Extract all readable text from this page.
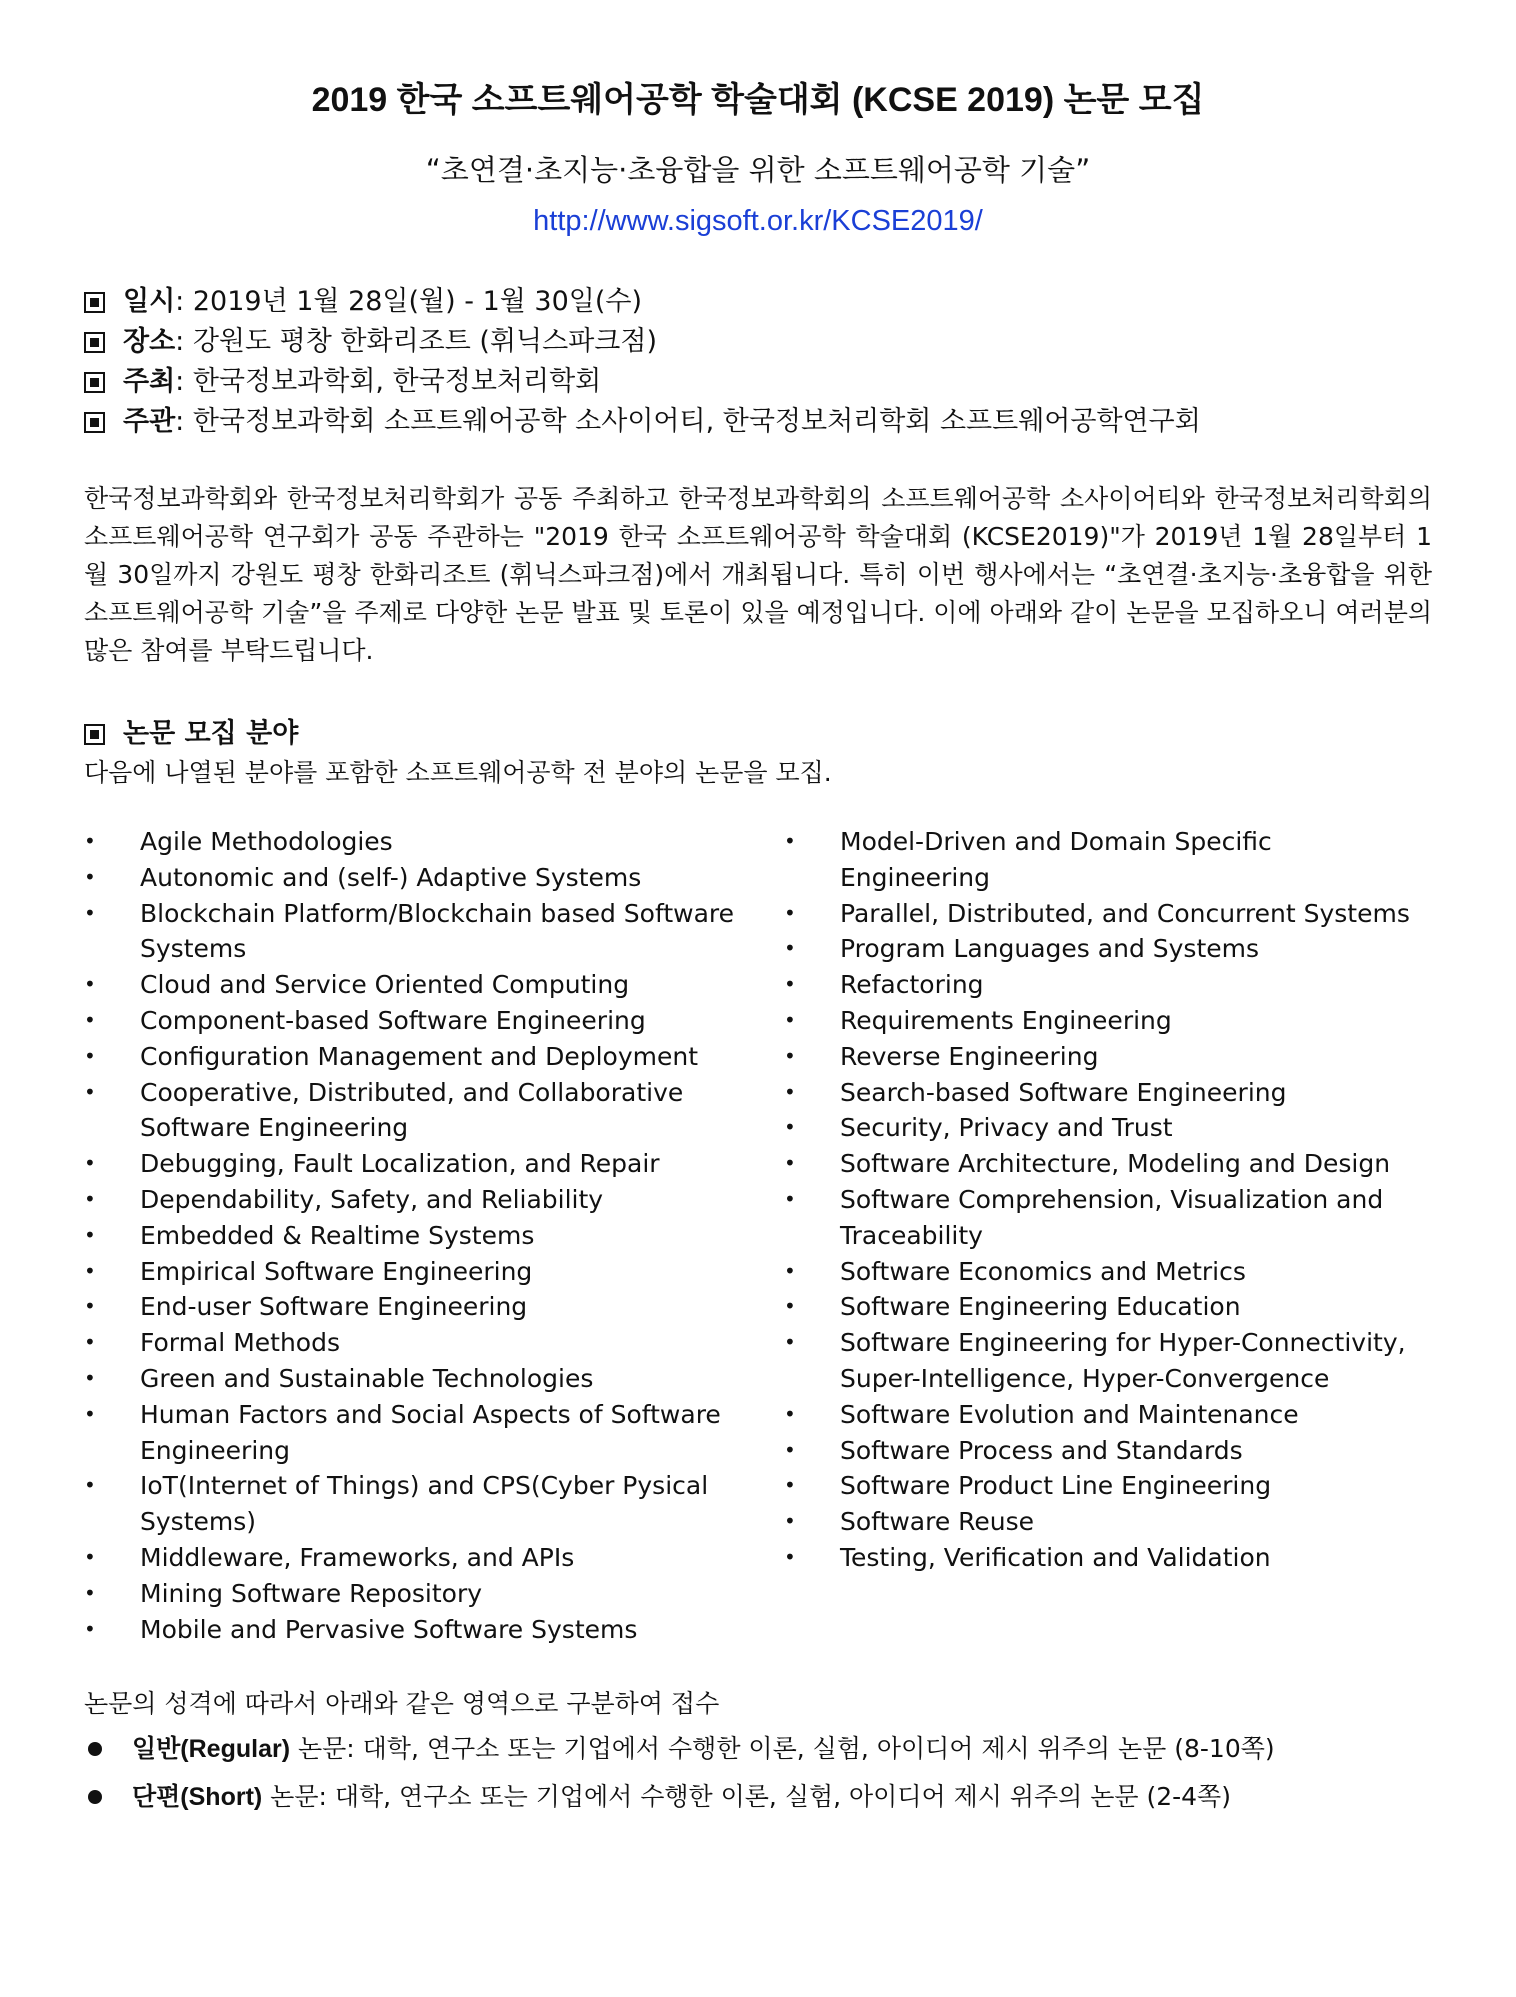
2019 한국 소프트웨어공학 학술대회 (KCSE 2019) 논문 모집
“초연결·초지능·초융합을 위한 소프트웨어공학 기술”
http://www.sigsoft.or.kr/KCSE2019/
일시 : 2019년 1월 28일(월) - 1월 30일(수)
장소 : 강원도 평창 한화리조트 (휘닉스파크점)
주최 : 한국정보과학회, 한국정보처리학회
주관 : 한국정보과학회 소프트웨어공학 소사이어티, 한국정보처리학회 소프트웨어공학연구회

한국정보과학회와 한국정보처리학회가 공동 주최하고 한국정보과학회의 소프트웨어공학 소사이어티와 한국정보처리학회의 소프트웨어공학 연구회가 공동 주관하는 "2019 한국 소프트웨어공학 학술대회 (KCSE2019)"가 2019년 1월 28일부터 1월 30일까지 강원도 평창 한화리조트 (휘닉스파크점)에서 개최됩니다. 특히 이번 행사에서는 “초연결·초지능·초융합을 위한 소프트웨어공학 기술”을 주제로 다양한 논문 발표 및 토론이 있을 예정입니다. 이에 아래와 같이 논문을 모집하오니 여러분의 많은 참여를 부탁드립니다.

논문 모집 분야
다음에 나열된 분야를 포함한 소프트웨어공학 전 분야의 논문을 모집.
• Agile Methodologies
• Autonomic and (self-) Adaptive Systems
• Blockchain Platform/Blockchain based Software Systems
• Cloud and Service Oriented Computing
• Component-based Software Engineering
• Configuration Management and Deployment
• Cooperative, Distributed, and Collaborative Software Engineering
• Debugging, Fault Localization, and Repair
• Dependability, Safety, and Reliability
• Embedded & Realtime Systems
• Empirical Software Engineering
• End-user Software Engineering
• Formal Methods
• Green and Sustainable Technologies
• Human Factors and Social Aspects of Software Engineering
• IoT(Internet of Things) and CPS(Cyber Pysical Systems)
• Middleware, Frameworks, and APIs
• Mining Software Repository
• Mobile and Pervasive Software Systems
• Model-Driven and Domain Specific Engineering
• Parallel, Distributed, and Concurrent Systems
• Program Languages and Systems
• Refactoring
• Requirements Engineering
• Reverse Engineering
• Search-based Software Engineering
• Security, Privacy and Trust
• Software Architecture, Modeling and Design
• Software Comprehension, Visualization and Traceability
• Software Economics and Metrics
• Software Engineering Education
• Software Engineering for Hyper-Connectivity, Super-Intelligence, Hyper-Convergence
• Software Evolution and Maintenance
• Software Process and Standards
• Software Product Line Engineering
• Software Reuse
• Testing, Verification and Validation
논문의 성격에 따라서 아래와 같은 영역으로 구분하여 접수
일반(Regular) 논문: 대학, 연구소 또는 기업에서 수행한 이론, 실험, 아이디어 제시 위주의 논문 (8-10쪽)
단편(Short) 논문: 대학, 연구소 또는 기업에서 수행한 이론, 실험, 아이디어 제시 위주의 논문 (2-4쪽)
